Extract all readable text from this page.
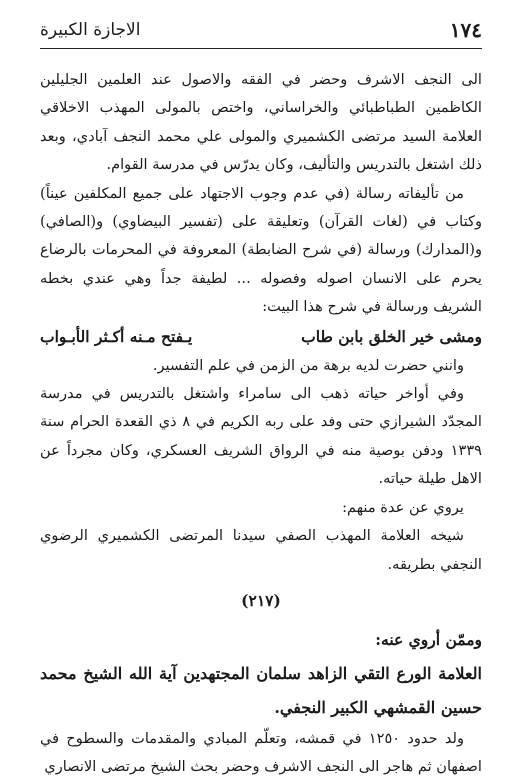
١٧٤
الاجازة الكبيرة

الى النجف الاشرف وحضر في الفقه والاصول عند العلمين الجليلين الكاظمين الطباطبائي والخراساني، واختص بالمولى المهذب الاخلاقي العلامة السيد مرتضى الكشميري والمولى علي محمد النجف آبادي، وبعد ذلك اشتغل بالتدريس والتأليف، وكان يدرّس في مدرسة القوام.

من تأليفاته رسالة (في عدم وجوب الاجتهاد على جميع المكلفين عيناً) وكتاب في (لغات القرآن) وتعليقة على (تفسير البيضاوي) و(الصافي) و(المدارك) ورسالة (في شرح الضابطة) المعروفة في المحرمات بالرضاع يحرم على الانسان اصوله وفصوله ... لطيفة جداً وهي عندي بخطه الشريف ورسالة في شرح هذا البيت:

ومشى خير الخلق بابن طاب
يـفتح مـنه أكـثر الأبـواب

وانني حضرت لديه برهة من الزمن في علم التفسير.

وفي أواخر حياته ذهب الى سامراء واشتغل بالتدريس في مدرسة المجدّد الشيرازي حتى وفد على ربه الكريم في ٨ ذي القعدة الحرام سنة ١٣٣٩ ودفن بوصية منه في الرواق الشريف العسكري، وكان مجرداً عن الاهل طيلة حياته.

يروي عن عدة منهم:

شيخه العلامة المهذب الصفي سيدنا المرتضى الكشميري الرضوي النجفي بطريقه.

(٢١٧)
وممّن أروي عنه:

العلامة الورع التقي الزاهد سلمان المجتهدين آية الله الشيخ محمد حسين القمشهي الكبير النجفي.

ولد حدود ١٢٥٠ في قمشه، وتعلّم المبادي والمقدمات والسطوح في اصفهان ثم هاجر الى النجف الاشرف وحضر بحث الشيخ مرتضى الانصاري
